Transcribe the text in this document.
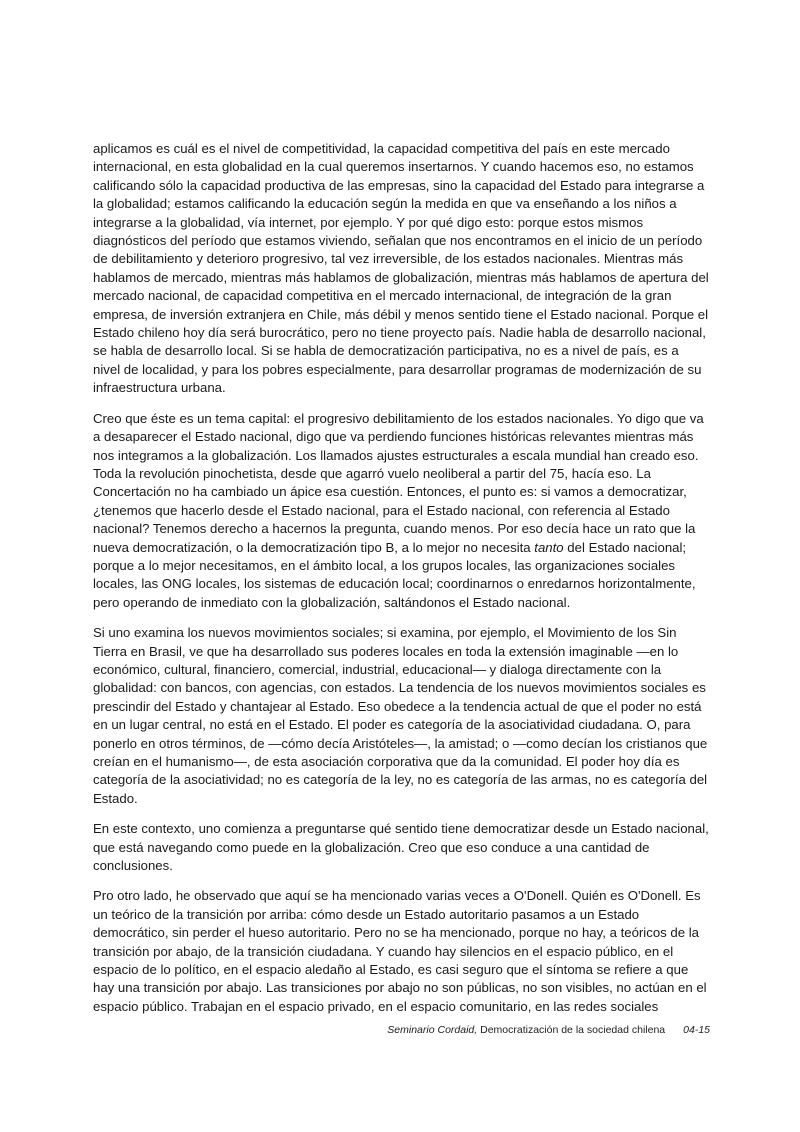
aplicamos es cuál es el nivel de competitividad, la capacidad competitiva del país en este mercado internacional, en esta globalidad en la cual queremos insertarnos. Y cuando hacemos eso, no estamos calificando sólo la capacidad productiva de las empresas, sino la capacidad del Estado para integrarse a la globalidad; estamos calificando la educación según la medida en que va enseñando a los niños a integrarse a la globalidad, vía internet, por ejemplo. Y por qué digo esto: porque estos mismos diagnósticos del período que estamos viviendo, señalan que nos encontramos en el inicio de un período de debilitamiento y deterioro progresivo, tal vez irreversible, de los estados nacionales. Mientras más hablamos de mercado, mientras más hablamos de globalización, mientras más hablamos de apertura del mercado nacional, de capacidad competitiva en el mercado internacional, de integración de la gran empresa, de inversión extranjera en Chile, más débil y menos sentido tiene el Estado nacional. Porque el Estado chileno hoy día será burocrático, pero no tiene proyecto país. Nadie habla de desarrollo nacional, se habla de desarrollo local. Si se habla de democratización participativa, no es a nivel de país, es a nivel de localidad, y para los pobres especialmente, para desarrollar programas de modernización de su infraestructura urbana.

Creo que éste es un tema capital: el progresivo debilitamiento de los estados nacionales. Yo digo que va a desaparecer el Estado nacional, digo que va perdiendo funciones históricas relevantes mientras más nos integramos a la globalización. Los llamados ajustes estructurales a escala mundial han creado eso. Toda la revolución pinochetista, desde que agarró vuelo neoliberal a partir del 75, hacía eso. La Concertación no ha cambiado un ápice esa cuestión. Entonces, el punto es: si vamos a democratizar, ¿tenemos que hacerlo desde el Estado nacional, para el Estado nacional, con referencia al Estado nacional? Tenemos derecho a hacernos la pregunta, cuando menos. Por eso decía hace un rato que la nueva democratización, o la democratización tipo B, a lo mejor no necesita tanto del Estado nacional; porque a lo mejor necesitamos, en el ámbito local, a los grupos locales, las organizaciones sociales locales, las ONG locales, los sistemas de educación local; coordinarnos o enredarnos horizontalmente, pero operando de inmediato con la globalización, saltándonos el Estado nacional.

Si uno examina los nuevos movimientos sociales; si examina, por ejemplo, el Movimiento de los Sin Tierra en Brasil, ve que ha desarrollado sus poderes locales en toda la extensión imaginable —en lo económico, cultural, financiero, comercial, industrial, educacional— y dialoga directamente con la globalidad: con bancos, con agencias, con estados. La tendencia de los nuevos movimientos sociales es prescindir del Estado y chantajear al Estado. Eso obedece a la tendencia actual de que el poder no está en un lugar central, no está en el Estado. El poder es categoría de la asociatividad ciudadana. O, para ponerlo en otros términos, de —cómo decía Aristóteles—, la amistad; o —como decían los cristianos que creían en el humanismo—, de esta asociación corporativa que da la comunidad. El poder hoy día es categoría de la asociatividad; no es categoría de la ley, no es categoría de las armas, no es categoría del Estado.

En este contexto, uno comienza a preguntarse qué sentido tiene democratizar desde un Estado nacional, que está navegando como puede en la globalización. Creo que eso conduce a una cantidad de conclusiones.

Pro otro lado, he observado que aquí se ha mencionado varias veces a O'Donell. Quién es O'Donell. Es un teórico de la transición por arriba: cómo desde un Estado autoritario pasamos a un Estado democrático, sin perder el hueso autoritario. Pero no se ha mencionado, porque no hay, a teóricos de la transición por abajo, de la transición ciudadana. Y cuando hay silencios en el espacio público, en el espacio de lo político, en el espacio aledaño al Estado, es casi seguro que el síntoma se refiere a que hay una transición por abajo. Las transiciones por abajo no son públicas, no son visibles, no actúan en el espacio público. Trabajan en el espacio privado, en el espacio comunitario, en las redes sociales

Seminario Cordaid, Democratización de la sociedad chilena 04-15
